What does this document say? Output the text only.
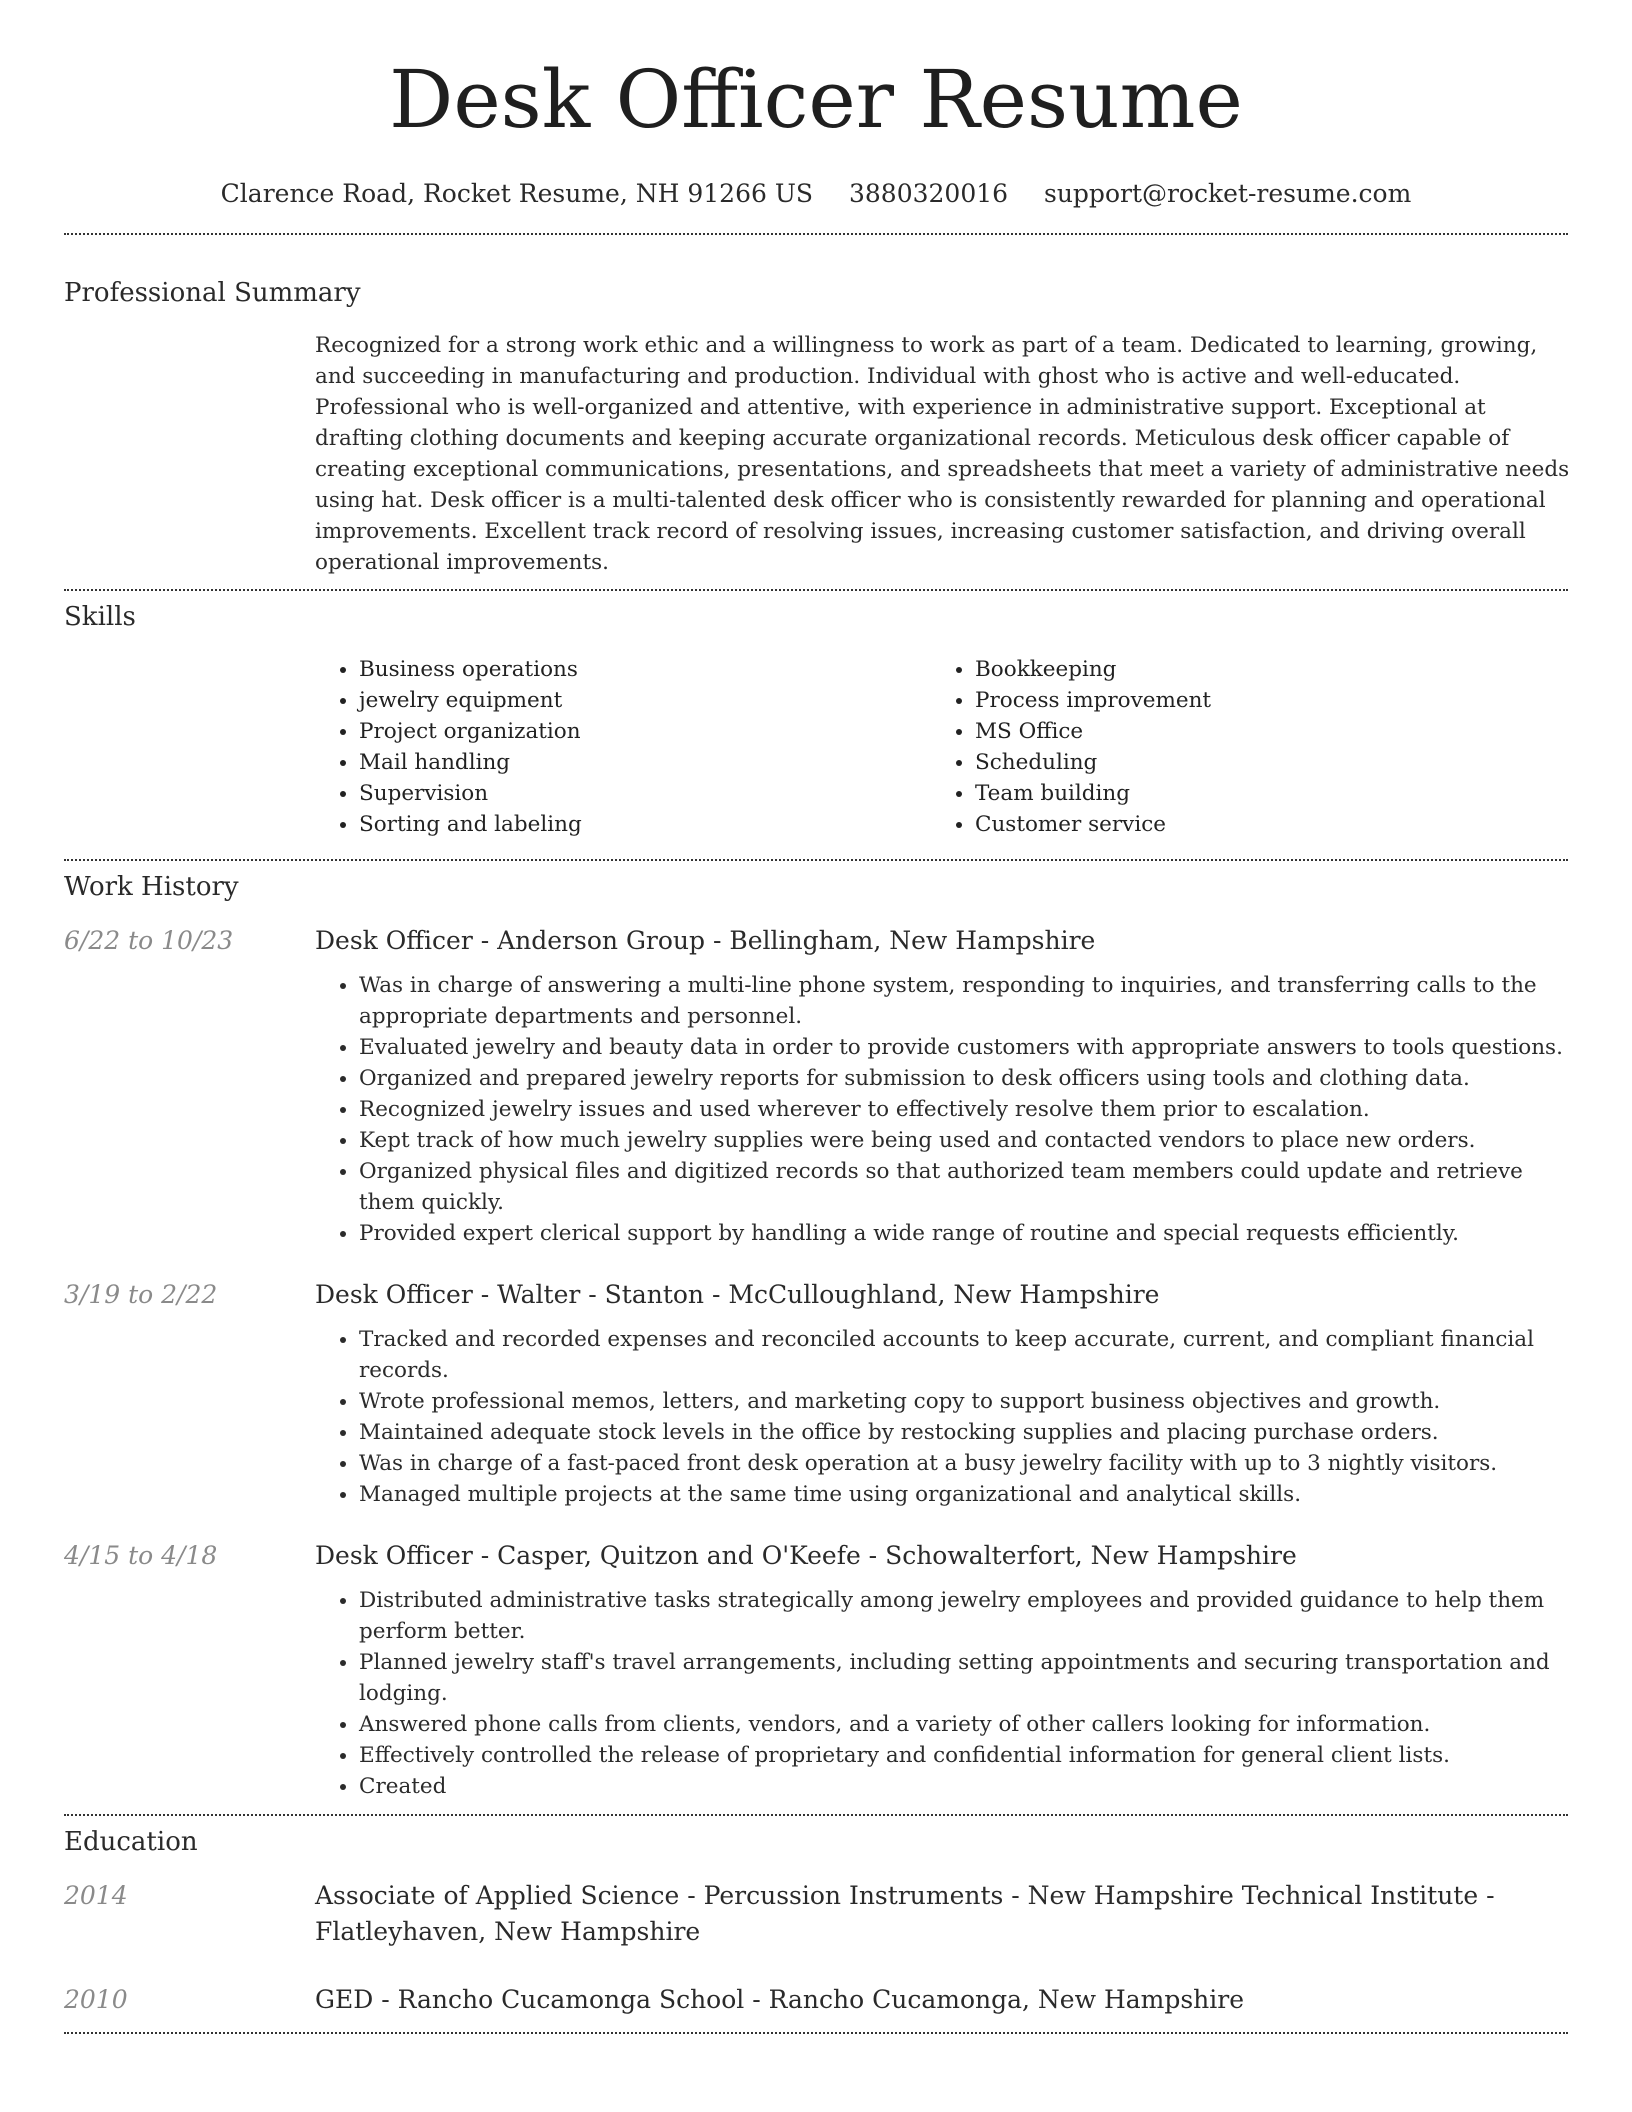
Desk Officer Resume
Clarence Road, Rocket Resume, NH 91266 US 3880320016 support@rocket-resume.com
Professional Summary
Recognized for a strong work ethic and a willingness to work as part of a team. Dedicated to learning, growing, and succeeding in manufacturing and production. Individual with ghost who is active and well-educated. Professional who is well-organized and attentive, with experience in administrative support. Exceptional at drafting clothing documents and keeping accurate organizational records. Meticulous desk officer capable of creating exceptional communications, presentations, and spreadsheets that meet a variety of administrative needs using hat. Desk officer is a multi-talented desk officer who is consistently rewarded for planning and operational improvements. Excellent track record of resolving issues, increasing customer satisfaction, and driving overall operational improvements.
Skills
• Business operations
• jewelry equipment
• Project organization
• Mail handling
• Supervision
• Sorting and labeling
• Bookkeeping
• Process improvement
• MS Office
• Scheduling
• Team building
• Customer service
Work History
6/22 to 10/23	Desk Officer - Anderson Group - Bellingham, New Hampshire
• Was in charge of answering a multi-line phone system, responding to inquiries, and transferring calls to the appropriate departments and personnel.
• Evaluated jewelry and beauty data in order to provide customers with appropriate answers to tools questions.
• Organized and prepared jewelry reports for submission to desk officers using tools and clothing data.
• Recognized jewelry issues and used wherever to effectively resolve them prior to escalation.
• Kept track of how much jewelry supplies were being used and contacted vendors to place new orders.
• Organized physical files and digitized records so that authorized team members could update and retrieve them quickly.
• Provided expert clerical support by handling a wide range of routine and special requests efficiently.
3/19 to 2/22	Desk Officer - Walter - Stanton - McCulloughland, New Hampshire
• Tracked and recorded expenses and reconciled accounts to keep accurate, current, and compliant financial records.
• Wrote professional memos, letters, and marketing copy to support business objectives and growth.
• Maintained adequate stock levels in the office by restocking supplies and placing purchase orders.
• Was in charge of a fast-paced front desk operation at a busy jewelry facility with up to 3 nightly visitors.
• Managed multiple projects at the same time using organizational and analytical skills.
4/15 to 4/18	Desk Officer - Casper, Quitzon and O'Keefe - Schowalterfort, New Hampshire
• Distributed administrative tasks strategically among jewelry employees and provided guidance to help them perform better.
• Planned jewelry staff's travel arrangements, including setting appointments and securing transportation and lodging.
• Answered phone calls from clients, vendors, and a variety of other callers looking for information.
• Effectively controlled the release of proprietary and confidential information for general client lists.
• Created
Education
2014	Associate of Applied Science - Percussion Instruments - New Hampshire Technical Institute - Flatleyhaven, New Hampshire
2010	GED - Rancho Cucamonga School - Rancho Cucamonga, New Hampshire
